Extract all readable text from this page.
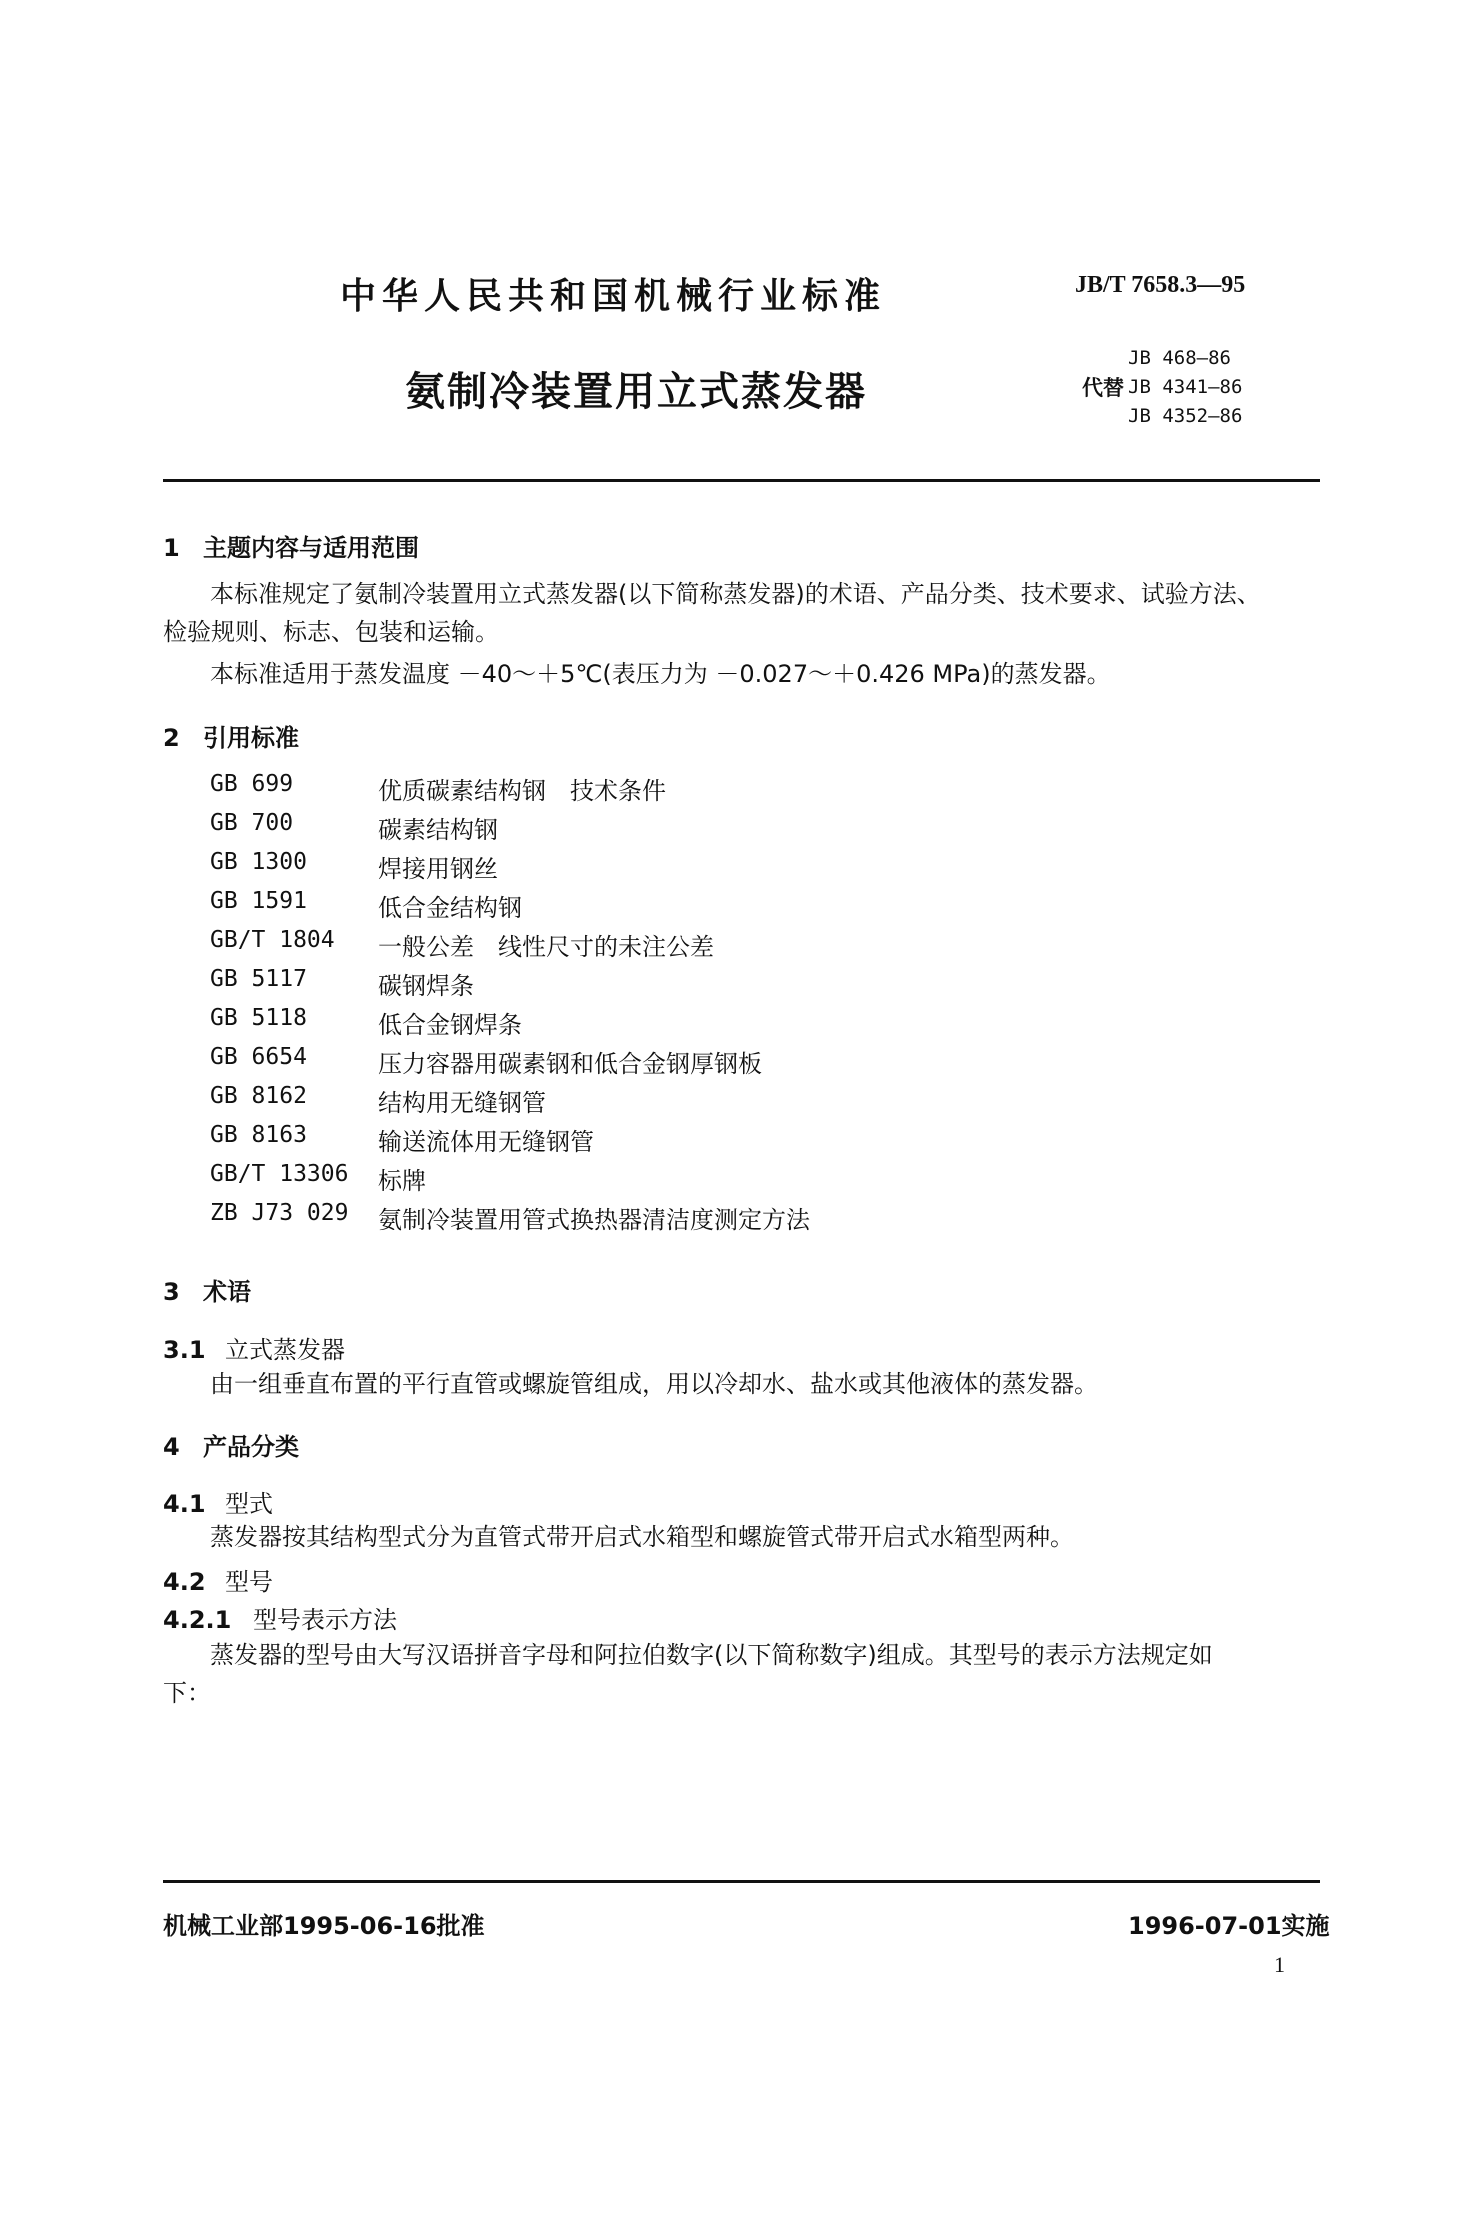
中华人民共和国机械行业标准	JB/T 7658.3—95
氨制冷装置用立式蒸发器	代替
JB 468—86
JB 4341—86
JB 4352—86
1 主题内容与适用范围
本标准规定了氨制冷装置用立式蒸发器(以下简称蒸发器)的术语、产品分类、技术要求、试验方法、
检验规则、标志、包装和运输。
本标准适用于蒸发温度 －40～＋5℃(表压力为 －0.027～＋0.426 MPa)的蒸发器。
2 引用标准
GB 699	优质碳素结构钢　技术条件
GB 700	碳素结构钢
GB 1300	焊接用钢丝
GB 1591	低合金结构钢
GB/T 1804 一般公差　线性尺寸的未注公差
GB 5117	碳钢焊条
GB 5118	低合金钢焊条
GB 6654	压力容器用碳素钢和低合金钢厚钢板
GB 8162	结构用无缝钢管
GB 8163	输送流体用无缝钢管
GB/T 13306 标牌
ZB J73 029 氨制冷装置用管式换热器清洁度测定方法
3 术语
3.1 立式蒸发器
由一组垂直布置的平行直管或螺旋管组成，用以冷却水、盐水或其他液体的蒸发器。
4 产品分类
4.1 型式
蒸发器按其结构型式分为直管式带开启式水箱型和螺旋管式带开启式水箱型两种。
4.2 型号
4.2.1 型号表示方法
蒸发器的型号由大写汉语拼音字母和阿拉伯数字(以下简称数字)组成。其型号的表示方法规定如
下：
机械工业部1995-06-16批准	1996-07-01实施
1
